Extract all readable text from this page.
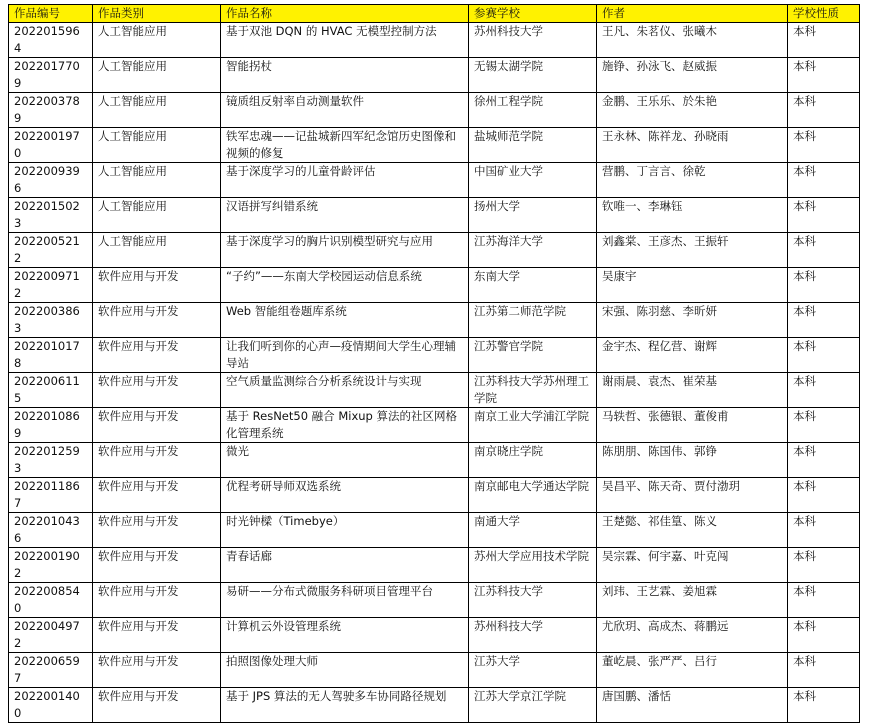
作品编号	作品类别	作品名称	参赛学校	作者	学校性质
2022015964	人工智能应用	基于双池 DQN 的 HVAC 无模型控制方法	苏州科技大学	王凡、朱茗仪、张曦木	本科
2022017709	人工智能应用	智能拐杖	无锡太湖学院	施铮、孙泳飞、赵威振	本科
2022003789	人工智能应用	镜质组反射率自动测量软件	徐州工程学院	金鹏、王乐乐、於朱艳	本科
2022001970	人工智能应用	铁军忠魂——记盐城新四军纪念馆历史图像和视频的修复	盐城师范学院	王永林、陈祥龙、孙晓雨	本科
2022009396	人工智能应用	基于深度学习的儿童骨龄评估	中国矿业大学	营鹏、丁言言、徐乾	本科
2022015023	人工智能应用	汉语拼写纠错系统	扬州大学	钦唯一、李琳钰	本科
2022005212	人工智能应用	基于深度学习的胸片识别模型研究与应用	江苏海洋大学	刘鑫棠、王彦杰、王振轩	本科
2022009712	软件应用与开发	“子约”——东南大学校园运动信息系统	东南大学	吴康宇	本科
2022003863	软件应用与开发	Web 智能组卷题库系统	江苏第二师范学院	宋强、陈羽慈、李昕妍	本科
2022010178	软件应用与开发	让我们听到你的心声—疫情期间大学生心理辅导站	江苏警官学院	金宇杰、程亿营、谢辉	本科
2022006115	软件应用与开发	空气质量监测综合分析系统设计与实现	江苏科技大学苏州理工学院	谢雨晨、袁杰、崔荣基	本科
2022010869	软件应用与开发	基于 ResNet50 融合 Mixup 算法的社区网格化管理系统	南京工业大学浦江学院	马轶哲、张德银、董俊甫	本科
2022012593	软件应用与开发	微光	南京晓庄学院	陈朋朋、陈国伟、郭铮	本科
2022011867	软件应用与开发	优程考研导师双选系统	南京邮电大学通达学院	吴昌平、陈天奇、贾付渤玥	本科
2022010436	软件应用与开发	时光钟樑（Timebye）	南通大学	王楚懿、祁佳篁、陈义	本科
2022001902	软件应用与开发	青春话廊	苏州大学应用技术学院	吴宗霖、何宇嘉、叶克闯	本科
2022008540	软件应用与开发	易研——分布式微服务科研项目管理平台	江苏科技大学	刘玮、王艺霖、姜旭霖	本科
2022004972	软件应用与开发	计算机云外设管理系统	苏州科技大学	尤欣玥、高成杰、蒋鹏远	本科
2022006597	软件应用与开发	拍照图像处理大师	江苏大学	董屹晨、张严严、吕行	本科
2022001400	软件应用与开发	基于 JPS 算法的无人驾驶多车协同路径规划	江苏大学京江学院	唐国鹏、潘恬	本科
